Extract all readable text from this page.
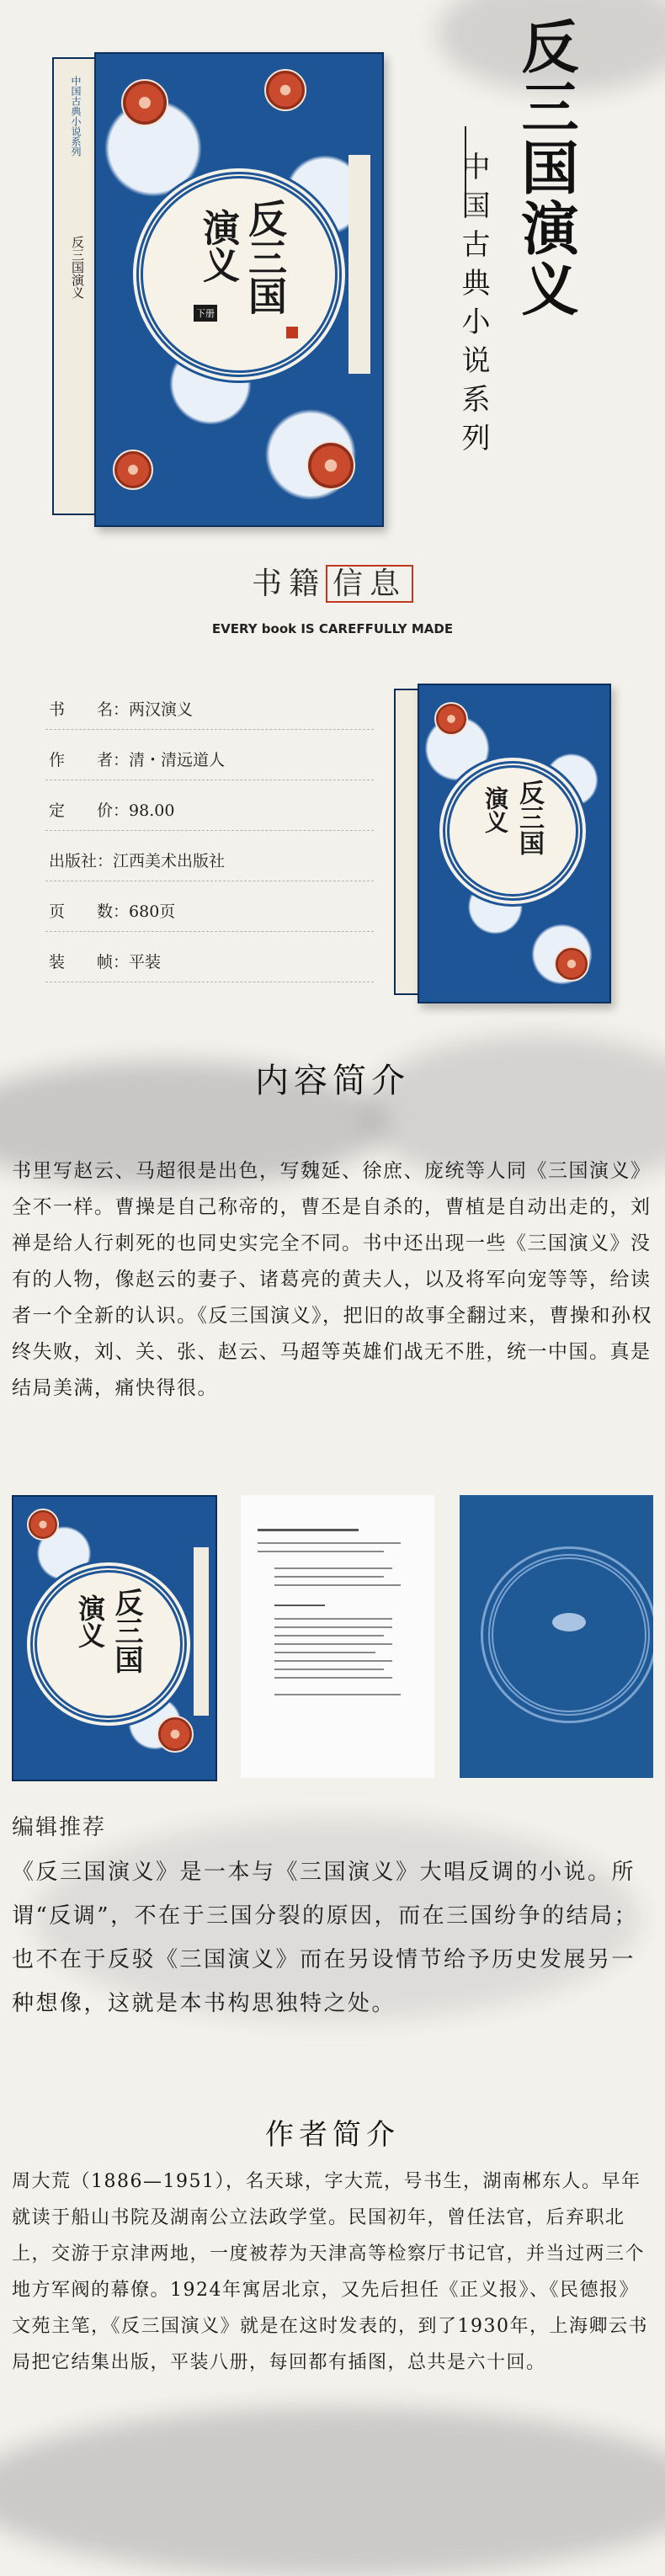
中国古典小说系列
反三国演义	反三国
演义
下册	反三国演义
中国古典小说系列
书籍 信息
EVERY book IS CAREFFULLY MADE
书　　名：两汉演义
作　　者：清・清远道人
定　　价：98.00
出版社：江西美术出版社
页　　数：680页
装　　帧：平装
反三国
演义
内容简介
书里写赵云、马超很是出色，写魏延、徐庶、庞统等人同《三国演义》全不一样。曹操是自己称帝的，曹丕是自杀的，曹植是自动出走的，刘禅是给人行刺死的也同史实完全不同。书中还出现一些《三国演义》没有的人物，像赵云的妻子、诸葛亮的黄夫人，以及将军向宠等等，给读者一个全新的认识。《反三国演义》，把旧的故事全翻过来，曹操和孙权终失败，刘、关、张、赵云、马超等英雄们战无不胜，统一中国。真是结局美满，痛快得很。
反三国
演义
编辑推荐
《反三国演义》是一本与《三国演义》大唱反调的小说。所谓“反调”，不在于三国分裂的原因，而在三国纷争的结局；也不在于反驳《三国演义》而在另设情节给予历史发展另一种想像，这就是本书构思独特之处。
作者简介
周大荒（1886—1951），名天球，字大荒，号书生，湖南郴东人。早年就读于船山书院及湖南公立法政学堂。民国初年，曾任法官，后弃职北上，交游于京津两地，一度被荐为天津高等检察厅书记官，并当过两三个地方军阀的幕僚。1924年寓居北京，又先后担任《正义报》、《民德报》文苑主笔，《反三国演义》就是在这时发表的，到了1930年，上海卿云书局把它结集出版，平装八册，每回都有插图，总共是六十回。
